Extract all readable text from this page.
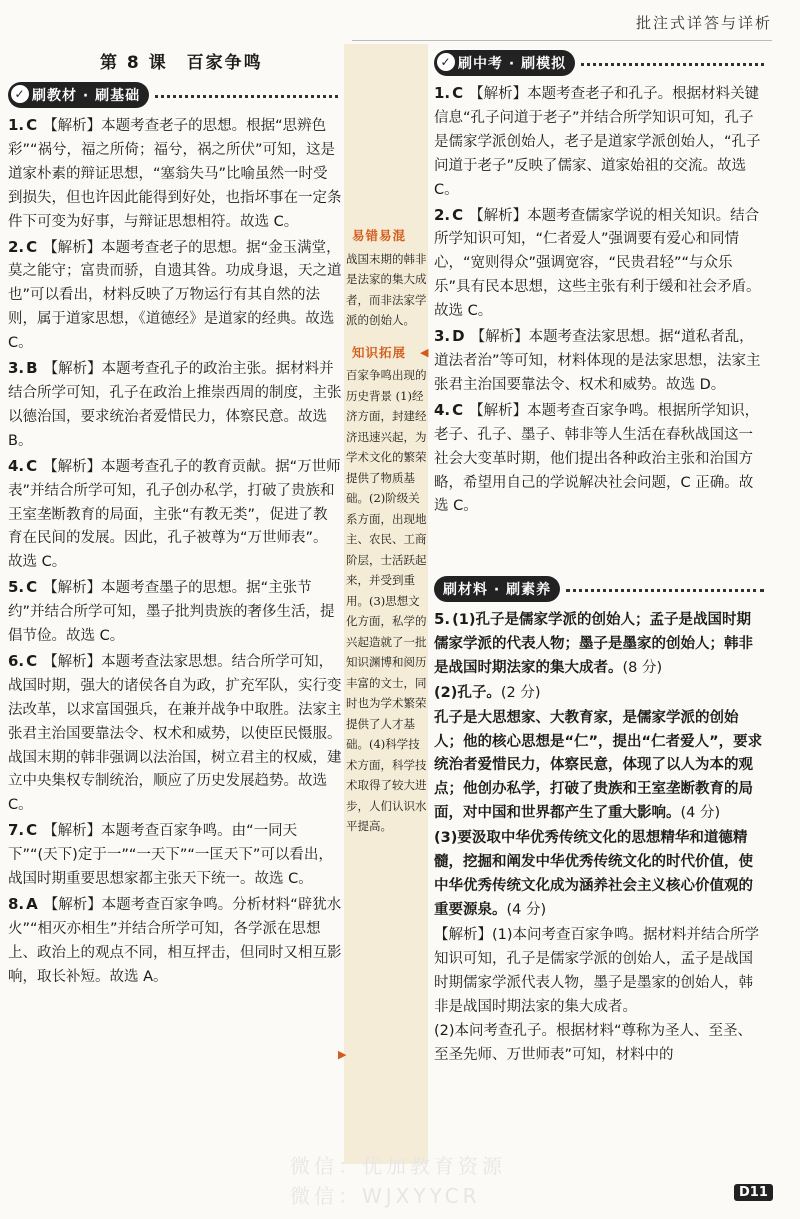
批注式详答与详析
第 8 课　百家争鸣
✓ 刷教材 · 刷基础

1. C 【解析】本题考查老子的思想。根据“思辨色彩”“祸兮，福之所倚；福兮，祸之所伏”可知，这是道家朴素的辩证思想，“塞翁失马”比喻虽然一时受到损失，但也许因此能得到好处，也指坏事在一定条件下可变为好事，与辩证思想相符。故选 C。

2. C 【解析】本题考查老子的思想。据“金玉满堂，莫之能守；富贵而骄，自遗其咎。功成身退，天之道也”可以看出，材料反映了万物运行有其自然的法则，属于道家思想，《道德经》是道家的经典。故选 C。

3. B 【解析】本题考查孔子的政治主张。据材料并结合所学可知，孔子在政治上推崇西周的制度，主张以德治国，要求统治者爱惜民力，体察民意。故选 B。

4. C 【解析】本题考查孔子的教育贡献。据“万世师表”并结合所学可知，孔子创办私学，打破了贵族和王室垄断教育的局面，主张“有教无类”，促进了教育在民间的发展。因此，孔子被尊为“万世师表”。故选 C。

5. C 【解析】本题考查墨子的思想。据“主张节约”并结合所学可知，墨子批判贵族的奢侈生活，提倡节俭。故选 C。

6. C 【解析】本题考查法家思想。结合所学可知，战国时期，强大的诸侯各自为政，扩充军队，实行变法改革，以求富国强兵，在兼并战争中取胜。法家主张君主治国要靠法令、权术和威势，以使臣民慑服。战国末期的韩非强调以法治国，树立君主的权威，建立中央集权专制统治，顺应了历史发展趋势。故选 C。

7. C 【解析】本题考查百家争鸣。由“一同天下”“(天下)定于一”“一天下”“一匡天下”可以看出，战国时期重要思想家都主张天下统一。故选 C。

8. A 【解析】本题考查百家争鸣。分析材料“辟犹水火”“相灭亦相生”并结合所学可知，各学派在思想上、政治上的观点不同，相互抨击，但同时又相互影响，取长补短。故选 A。

易错易混
战国末期的韩非是法家的集大成者，而非法家学派的创始人。
知识拓展
百家争鸣出现的历史背景 (1)经济方面，封建经济迅速兴起，为学术文化的繁荣提供了物质基础。(2)阶级关系方面，出现地主、农民、工商阶层，士活跃起来，并受到重用。(3)思想文化方面，私学的兴起造就了一批知识渊博和阅历丰富的文士，同时也为学术繁荣提供了人才基础。(4)科学技术方面，科学技术取得了较大进步，人们认识水平提高。
◀
▶
✓ 刷中考 · 刷模拟

1. C 【解析】本题考查老子和孔子。根据材料关键信息“孔子问道于老子”并结合所学知识可知，孔子是儒家学派创始人，老子是道家学派创始人，“孔子问道于老子”反映了儒家、道家始祖的交流。故选 C。

2. C 【解析】本题考查儒家学说的相关知识。结合所学知识可知，“仁者爱人”强调要有爱心和同情心，“宽则得众”强调宽容，“民贵君轻”“与众乐乐”具有民本思想，这些主张有利于缓和社会矛盾。故选 C。

3. D 【解析】本题考查法家思想。据“道私者乱，道法者治”等可知，材料体现的是法家思想，法家主张君主治国要靠法令、权术和威势。故选 D。

4. C 【解析】本题考查百家争鸣。根据所学知识，老子、孔子、墨子、韩非等人生活在春秋战国这一社会大变革时期，他们提出各种政治主张和治国方略，希望用自己的学说解决社会问题，C 正确。故选 C。

刷材料 · 刷素养

5. (1)孔子是儒家学派的创始人；孟子是战国时期儒家学派的代表人物；墨子是墨家的创始人；韩非是战国时期法家的集大成者。(8 分)

(2)孔子。(2 分)

孔子是大思想家、大教育家，是儒家学派的创始人；他的核心思想是“仁”，提出“仁者爱人”，要求统治者爱惜民力，体察民意，体现了以人为本的观点；他创办私学，打破了贵族和王室垄断教育的局面，对中国和世界都产生了重大影响。(4 分)

(3)要汲取中华优秀传统文化的思想精华和道德精髓，挖掘和阐发中华优秀传统文化的时代价值，使中华优秀传统文化成为涵养社会主义核心价值观的重要源泉。(4 分)

【解析】(1)本问考查百家争鸣。据材料并结合所学知识可知，孔子是儒家学派的创始人，孟子是战国时期儒家学派代表人物，墨子是墨家的创始人，韩非是战国时期法家的集大成者。

(2)本问考查孔子。根据材料“尊称为圣人、至圣、至圣先师、万世师表”可知，材料中的

微信：优加教育资源
微信：WJXYYCR	D11
